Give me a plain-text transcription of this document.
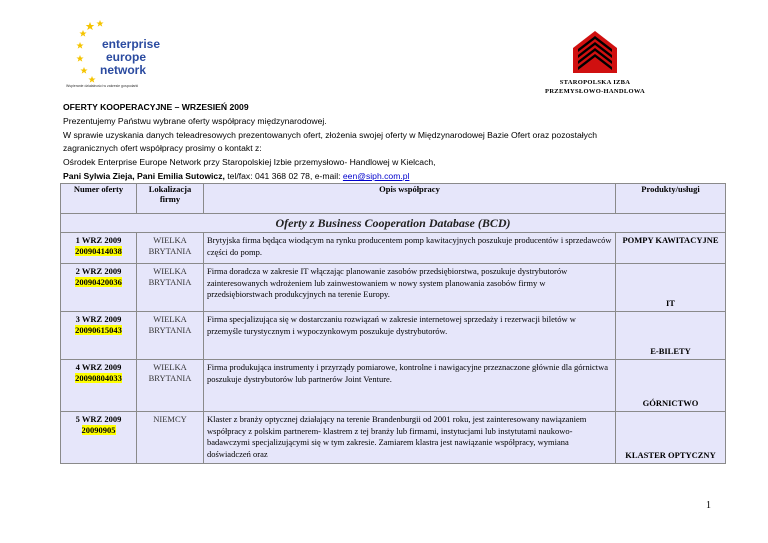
enterprise
europe
network
Wspieranie działalności w zakresie gospodarki	STAROPOLSKA IZBA
PRZEMYSŁOWO-HANDLOWA
OFERTY KOOPERACYJNE – WRZESIEŃ 2009
Prezentujemy Państwu wybrane oferty współpracy międzynarodowej.
W sprawie uzyskania danych teleadresowych prezentowanych ofert, złożenia swojej oferty w Międzynarodowej Bazie Ofert oraz pozostałych
zagranicznych ofert współpracy prosimy o kontakt z:
Ośrodek Enterprise Europe Network przy Staropolskiej Izbie przemysłowo- Handlowej w Kielcach,
Pani Sylwia Zieja, Pani Emilia Sutowicz, tel/fax: 041 368 02 78, e-mail: een@siph.com.pl
Numer oferty	Lokalizacja firmy	Opis współpracy	Produkty/usługi
Oferty z Business Cooperation Database (BCD)			

1 WRZ 2009
20090414038	WIELKA BRYTANIA	Brytyjska firma będąca wiodącym na rynku producentem pomp kawitacyjnych poszukuje producentów i sprzedawców części do pomp.	POMPY KAWITACYJNE

2 WRZ 2009
20090420036	WIELKA BRYTANIA	Firma doradcza w zakresie IT włączając planowanie zasobów przedsiębiorstwa, poszukuje dystrybutorów zainteresowanych wdrożeniem lub zainwestowaniem w nowy system planowania zasobów firmy w przedsiębiorstwach produkcyjnych na terenie Europy.	IT

3 WRZ 2009
20090615043	WIELKA BRYTANIA	Firma specjalizująca się w dostarczaniu rozwiązań w zakresie internetowej sprzedaży i rezerwacji biletów w przemyśle turystycznym i wypoczynkowym poszukuje dystrybutorów.	E-BILETY

4 WRZ 2009
20090804033	WIELKA BRYTANIA	Firma produkująca instrumenty i przyrządy pomiarowe, kontrolne i nawigacyjne przeznaczone głównie dla górnictwa poszukuje dystrybutorów lub partnerów Joint Venture.	GÓRNICTWO

5 WRZ 2009
20090905	NIEMCY	Klaster z branży optycznej działający na terenie Brandenburgii od 2001 roku, jest zainteresowany nawiązaniem współpracy z polskim partnerem- klastrem z tej branży lub firmami, instytucjami lub instytutami naukowo-badawczymi specjalizującymi się w tym zakresie. Zamiarem klastra jest nawiązanie współpracy, wymiana doświadczeń oraz	KLASTER OPTYCZNY
1
